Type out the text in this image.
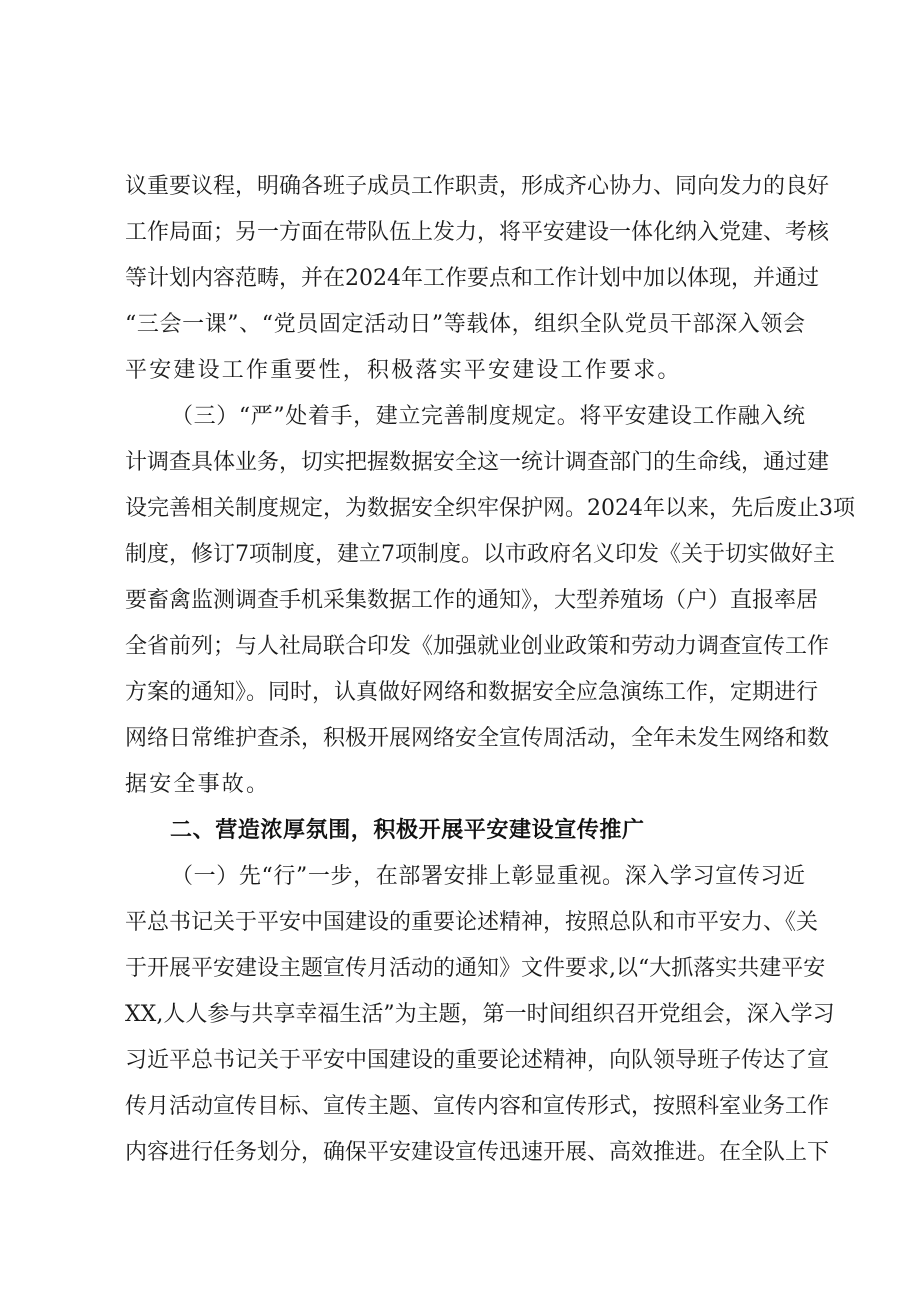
议重要议程，明确各班子成员工作职责，形成齐心协力、同向发力的良好
工作局面；另一方面在带队伍上发力，将平安建设一体化纳入党建、考核
等计划内容范畴，并在2024年工作要点和工作计划中加以体现，并通过
“三会一课”、“党员固定活动日”等载体，组织全队党员干部深入领会
平安建设工作重要性，积极落实平安建设工作要求。
（三）“严”处着手，建立完善制度规定。将平安建设工作融入统
计调查具体业务，切实把握数据安全这一统计调查部门的生命线，通过建
设完善相关制度规定，为数据安全织牢保护网。2024年以来，先后废止3项
制度，修订7项制度，建立7项制度。以市政府名义印发《关于切实做好主
要畜禽监测调查手机采集数据工作的通知》，大型养殖场（户）直报率居
全省前列；与人社局联合印发《加强就业创业政策和劳动力调查宣传工作
方案的通知》。同时，认真做好网络和数据安全应急演练工作，定期进行
网络日常维护查杀，积极开展网络安全宣传周活动，全年未发生网络和数
据安全事故。
二、营造浓厚氛围，积极开展平安建设宣传推广
（一）先“行”一步，在部署安排上彰显重视。深入学习宣传习近
平总书记关于平安中国建设的重要论述精神，按照总队和市平安力、《关
于开展平安建设主题宣传月活动的通知》文件要求,以“大抓落实共建平安
XX,人人参与共享幸福生活”为主题，第一时间组织召开党组会，深入学习
习近平总书记关于平安中国建设的重要论述精神，向队领导班子传达了宣
传月活动宣传目标、宣传主题、宣传内容和宣传形式，按照科室业务工作
内容进行任务划分，确保平安建设宣传迅速开展、高效推进。在全队上下
